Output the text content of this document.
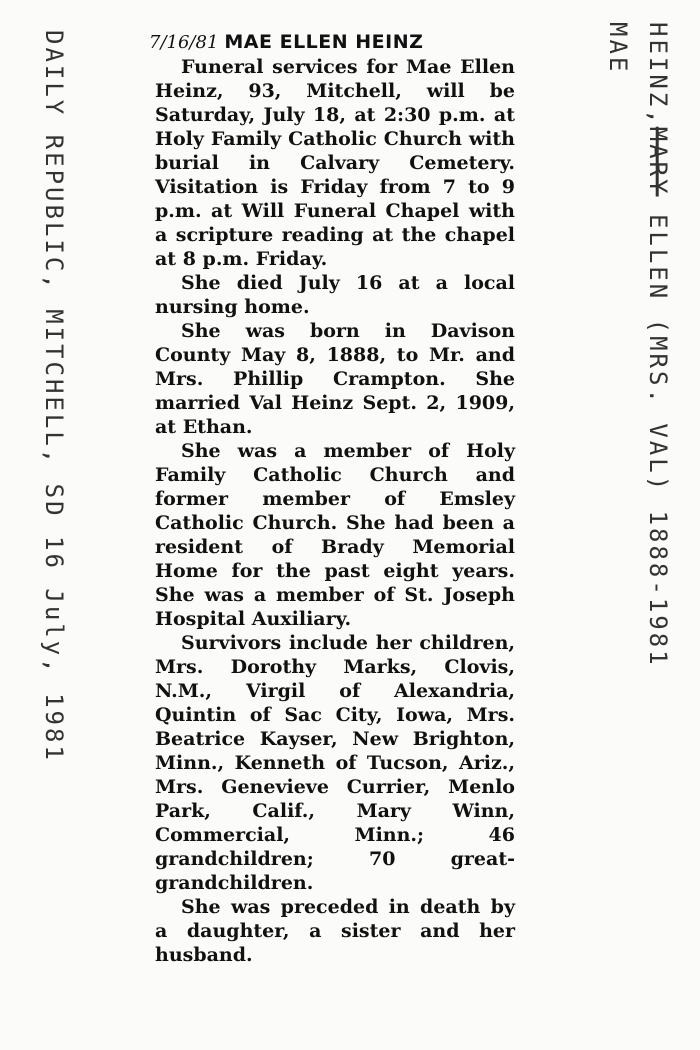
DAILY REPUBLIC, MITCHELL, SD 16 July, 1981	HEINZ,MARY ELLEN (MRS. VAL) 1888-1981
MAE
7/16/81 MAE ELLEN HEINZ

Funeral services for Mae Ellen Heinz, 93, Mitchell, will be Saturday, July 18, at 2:30 p.m. at Holy Family Catholic Church with burial in Calvary Cemetery. Visitation is Friday from 7 to 9 p.m. at Will Funeral Chapel with a scripture reading at the chapel at 8 p.m. Friday.

She died July 16 at a local nursing home.

She was born in Davison County May 8, 1888, to Mr. and Mrs. Phillip Crampton. She married Val Heinz Sept. 2, 1909, at Ethan.

She was a member of Holy Family Catholic Church and former member of Emsley Catholic Church. She had been a resident of Brady Memorial Home for the past eight years. She was a member of St. Joseph Hospital Auxiliary.

Survivors include her children, Mrs. Dorothy Marks, Clovis, N.M., Virgil of Alexandria, Quintin of Sac City, Iowa, Mrs. Beatrice Kayser, New Brighton, Minn., Kenneth of Tucson, Ariz., Mrs. Genevieve Currier, Menlo Park, Calif., Mary Winn, Commercial, Minn.; 46 grandchildren; 70 great-grandchildren.

She was preceded in death by a daughter, a sister and her husband.
